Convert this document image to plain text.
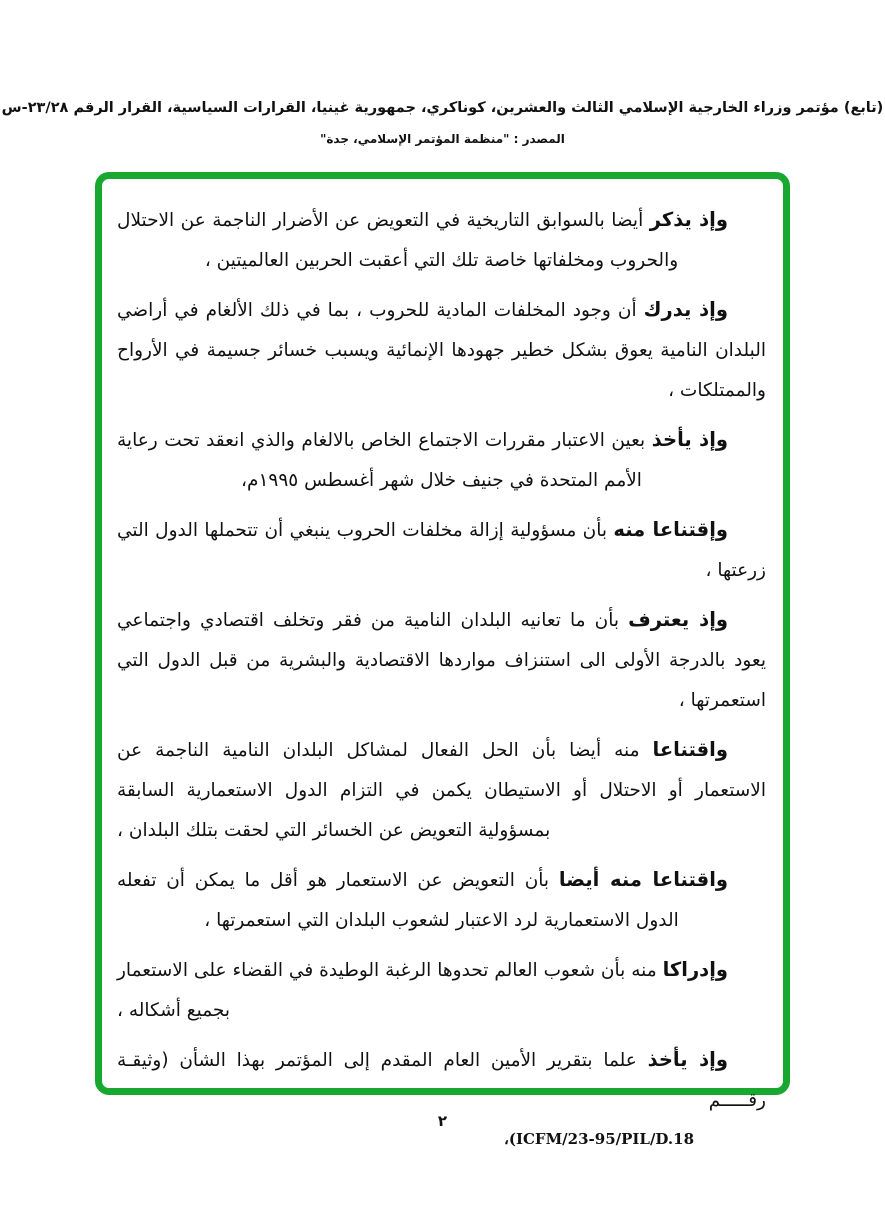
(تابع) مؤتمر وزراء الخارجية الإسلامي الثالث والعشرين، كوناكري، جمهورية غينيا، القرارات السياسية، القرار الرقم ٢٣/٢٨-س
المصدر : "منظمة المؤتمر الإسلامي، جدة"

وإذ يذكر أيضا بالسوابق التاريخية في التعويض عن الأضرار الناجمة عن الاحتلال والحروب ومخلفاتها خاصة تلك التي أعقبت الحربين العالميتين ،

وإذ يدرك أن وجود المخلفات المادية للحروب ، بما في ذلك الألغام في أراضي البلدان النامية يعوق بشكل خطير جهودها الإنمائية ويسبب خسائر جسيمة في الأرواح والممتلكات ،

وإذ يأخذ بعين الاعتبار مقررات الاجتماع الخاص بالالغام والذي انعقد تحت رعاية الأمم المتحدة في جنيف خلال شهر أغسطس ١٩٩٥م،

وإقتناعا منه بأن مسؤولية إزالة مخلفات الحروب ينبغي أن تتحملها الدول التي زرعتها ،

وإذ يعترف بأن ما تعانيه البلدان النامية من فقر وتخلف اقتصادي واجتماعي يعود بالدرجة الأولى الى استنزاف مواردها الاقتصادية والبشرية من قبل الدول التي استعمرتها ،

واقتناعا منه أيضا بأن الحل الفعال لمشاكل البلدان النامية الناجمة عن الاستعمار أو الاحتلال أو الاستيطان يكمن في التزام الدول الاستعمارية السابقة بمسؤولية التعويض عن الخسائر التي لحقت بتلك البلدان ،

واقتناعا منه أيضا بأن التعويض عن الاستعمار هو أقل ما يمكن أن تفعله الدول الاستعمارية لرد الاعتبار لشعوب البلدان التي استعمرتها ،

وإدراكا منه بأن شعوب العالم تحدوها الرغبة الوطيدة في القضاء على الاستعمار بجميع أشكاله ،

وإذ يأخذ علما بتقرير الأمين العام المقدم إلى المؤتمر بهذا الشأن (وثيقـة رقـــــم

،(ICFM/23-95/PIL/D.18
٢
